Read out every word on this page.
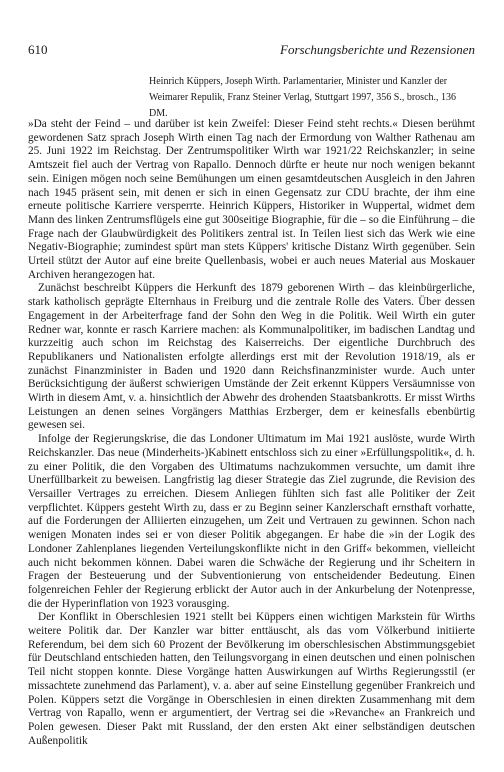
610	Forschungsberichte und Rezensionen
Heinrich Küppers, Joseph Wirth. Parlamentarier, Minister und Kanzler der Weimarer Repulik, Franz Steiner Verlag, Stuttgart 1997, 356 S., brosch., 136 DM.

»Da steht der Feind – und darüber ist kein Zweifel: Dieser Feind steht rechts.« Diesen berühmt gewordenen Satz sprach Joseph Wirth einen Tag nach der Ermordung von Walther Rathenau am 25. Juni 1922 im Reichstag. Der Zentrumspolitiker Wirth war 1921/22 Reichskanzler; in seine Amtszeit fiel auch der Vertrag von Rapallo. Dennoch dürfte er heute nur noch wenigen bekannt sein. Einigen mögen noch seine Bemühungen um einen gesamtdeutschen Ausgleich in den Jahren nach 1945 präsent sein, mit denen er sich in einen Gegensatz zur CDU brachte, der ihm eine erneute politische Karriere versperrte. Heinrich Küppers, Historiker in Wuppertal, widmet dem Mann des linken Zentrumsflügels eine gut 300seitige Biographie, für die – so die Einführung – die Frage nach der Glaubwürdigkeit des Politikers zentral ist. In Teilen liest sich das Werk wie eine Negativ-Biographie; zumindest spürt man stets Küppers' kritische Distanz Wirth gegenüber. Sein Urteil stützt der Autor auf eine breite Quellenbasis, wobei er auch neues Material aus Moskauer Archiven herangezogen hat.

Zunächst beschreibt Küppers die Herkunft des 1879 geborenen Wirth – das kleinbürgerliche, stark katholisch geprägte Elternhaus in Freiburg und die zentrale Rolle des Vaters. Über dessen Engagement in der Arbeiterfrage fand der Sohn den Weg in die Politik. Weil Wirth ein guter Redner war, konnte er rasch Karriere machen: als Kommunalpolitiker, im badischen Landtag und kurzzeitig auch schon im Reichstag des Kaiserreichs. Der eigentliche Durchbruch des Republikaners und Nationalisten erfolgte allerdings erst mit der Revolution 1918/19, als er zunächst Finanzminister in Baden und 1920 dann Reichsfinanzminister wurde. Auch unter Berücksichtigung der äußerst schwierigen Umstände der Zeit erkennt Küppers Versäumnisse von Wirth in diesem Amt, v. a. hinsichtlich der Abwehr des drohenden Staatsbankrotts. Er misst Wirths Leistungen an denen seines Vorgängers Matthias Erzberger, dem er keinesfalls ebenbürtig gewesen sei.

Infolge der Regierungskrise, die das Londoner Ultimatum im Mai 1921 auslöste, wurde Wirth Reichskanzler. Das neue (Minderheits-)Kabinett entschloss sich zu einer »Erfüllungspolitik«, d. h. zu einer Politik, die den Vorgaben des Ultimatums nachzukommen versuchte, um damit ihre Unerfüllbarkeit zu beweisen. Langfristig lag dieser Strategie das Ziel zugrunde, die Revision des Versailler Vertrages zu erreichen. Diesem Anliegen fühlten sich fast alle Politiker der Zeit verpflichtet. Küppers gesteht Wirth zu, dass er zu Beginn seiner Kanzlerschaft ernsthaft vorhatte, auf die Forderungen der Alliierten einzugehen, um Zeit und Vertrauen zu gewinnen. Schon nach wenigen Monaten indes sei er von dieser Politik abgegangen. Er habe die »in der Logik des Londoner Zahlenplanes liegenden Verteilungskonflikte nicht in den Griff« bekommen, vielleicht auch nicht bekommen können. Dabei waren die Schwäche der Regierung und ihr Scheitern in Fragen der Besteuerung und der Subventionierung von entscheidender Bedeutung. Einen folgenreichen Fehler der Regierung erblickt der Autor auch in der Ankurbelung der Notenpresse, die der Hyperinflation von 1923 vorausging.

Der Konflikt in Oberschlesien 1921 stellt bei Küppers einen wichtigen Markstein für Wirths weitere Politik dar. Der Kanzler war bitter enttäuscht, als das vom Völkerbund initiierte Referendum, bei dem sich 60 Prozent der Bevölkerung im oberschlesischen Abstimmungsgebiet für Deutschland entschieden hatten, den Teilungsvorgang in einen deutschen und einen polnischen Teil nicht stoppen konnte. Diese Vorgänge hatten Auswirkungen auf Wirths Regierungsstil (er missachtete zunehmend das Parlament), v. a. aber auf seine Einstellung gegenüber Frankreich und Polen. Küppers setzt die Vorgänge in Oberschlesien in einen direkten Zusammenhang mit dem Vertrag von Rapallo, wenn er argumentiert, der Vertrag sei die »Revanche« an Frankreich und Polen gewesen. Dieser Pakt mit Russland, der den ersten Akt einer selbständigen deutschen Außenpolitik
